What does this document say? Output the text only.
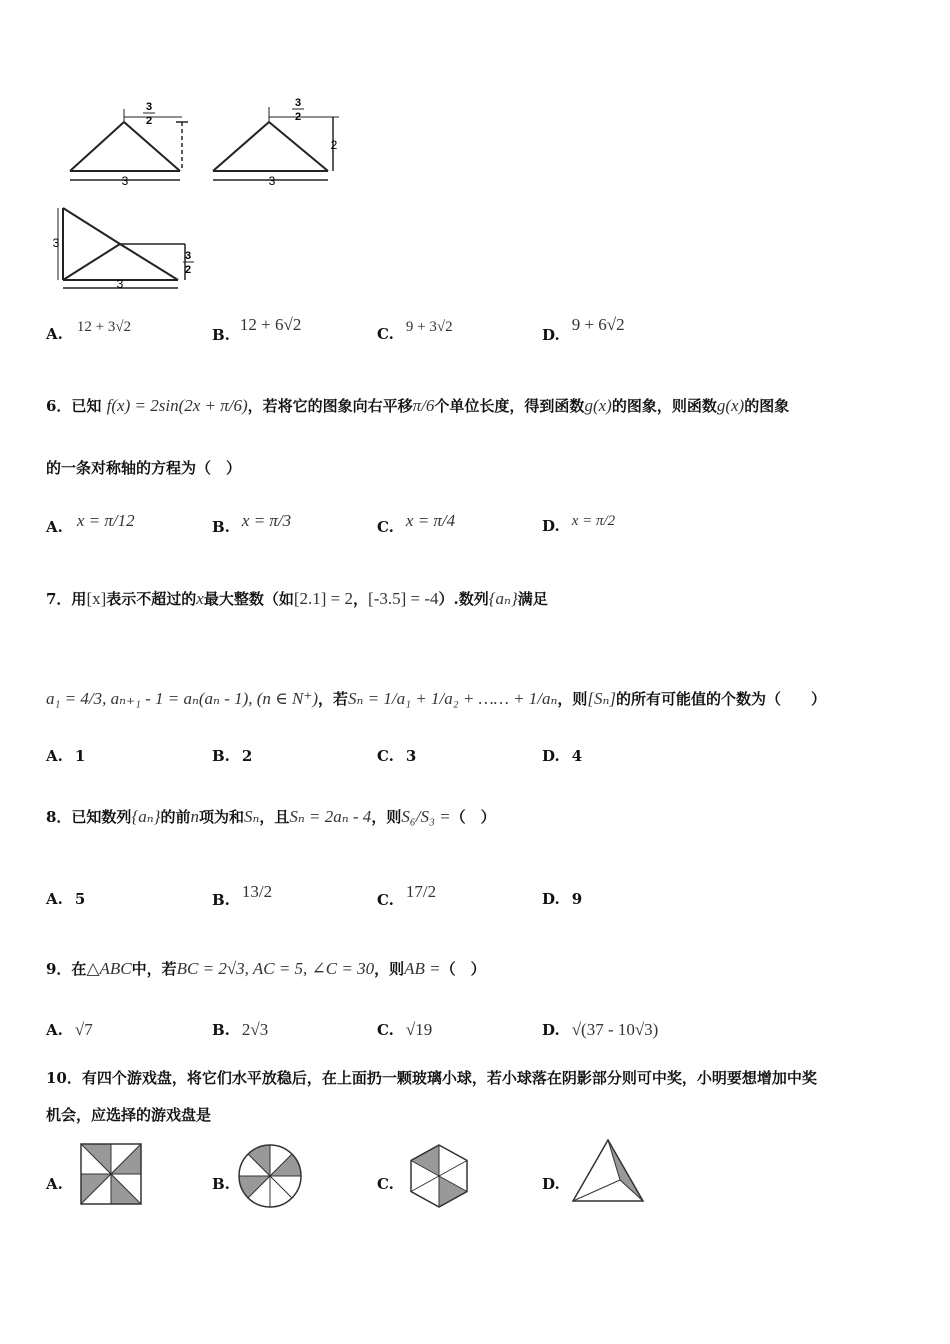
3
2
3
3
2
2
3
3
3
2
3
A. 12 + 3√2	B.12 + 6√2	C. 9 + 3√2	D.9 + 6√2
6．已知 f(x) = 2sin(2x + π/6)，若将它的图象向右平移π/6个单位长度，得到函数g(x)的图象，则函数g(x)的图象
的一条对称轴的方程为（　）
A. x = π/12	B. x = π/3	C. x = π/4	D. x = π/2
7．用[x]表示不超过的x最大整数（如[2.1] = 2，[-3.5] = -4）.数列{aₙ}满足
a₁ = 4/3, aₙ₊₁ - 1 = aₙ(aₙ - 1), (n ∈ N⁺)，若Sₙ = 1/a₁ + 1/a₂ + …… + 1/aₙ，则[Sₙ]的所有可能值的个数为（　　）
A. 1	B. 2	C. 3	D. 4
8．已知数列{aₙ}的前n项为和Sₙ，且Sₙ = 2aₙ - 4，则S₆/S₃ =（　）
A. 5	B. 13/2	C. 17/2	D. 9
9．在△ABC中，若BC = 2√3, AC = 5, ∠C = 30，则AB =（　）
A. √7	B. 2√3	C. √19	D. √(37 - 10√3)
10．有四个游戏盘，将它们水平放稳后，在上面扔一颗玻璃小球，若小球落在阴影部分则可中奖，小明要想增加中奖
机会，应选择的游戏盘是
A.	B.	C.	D.
